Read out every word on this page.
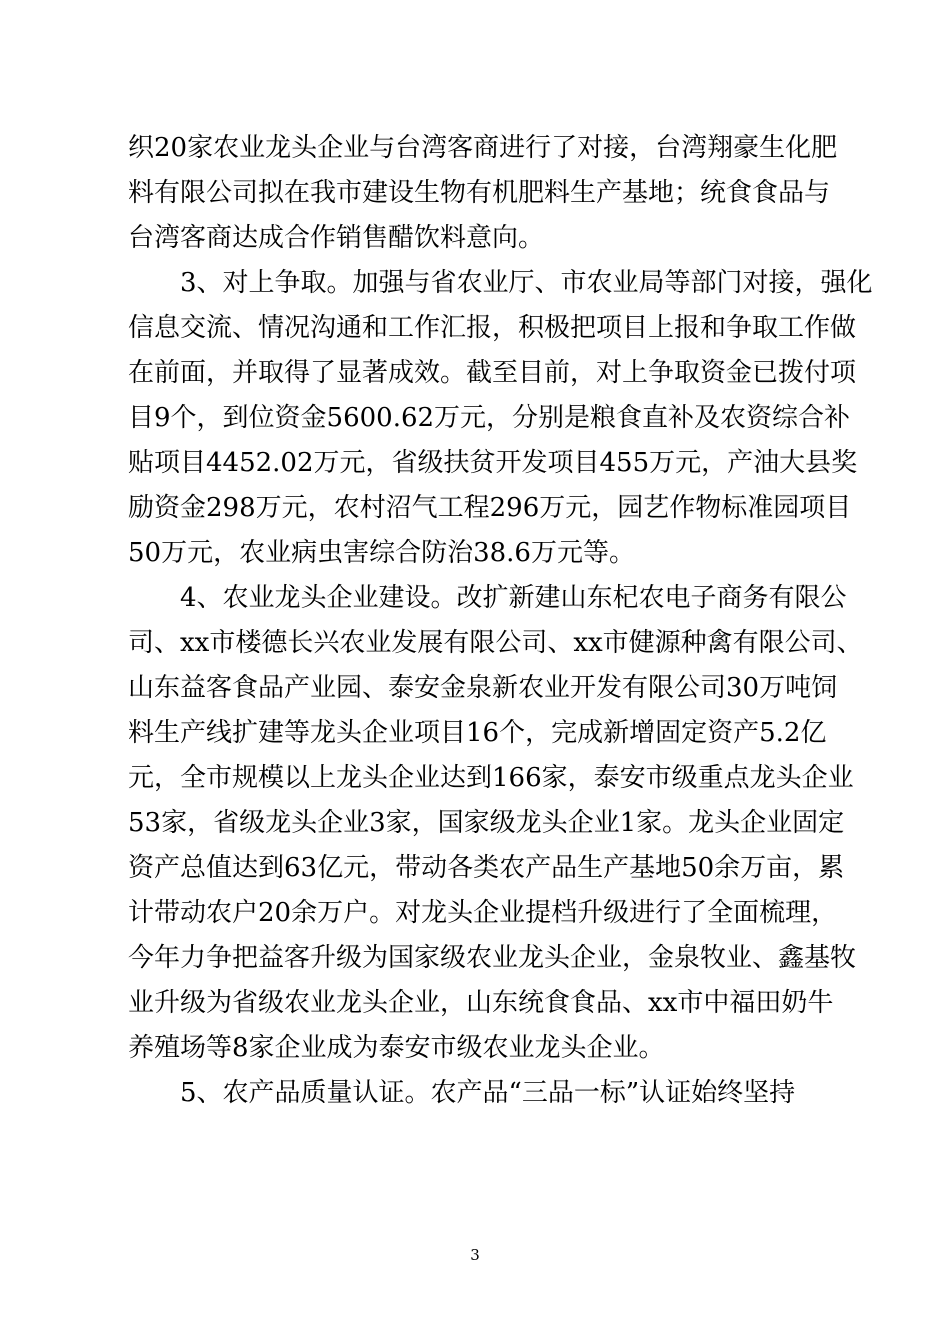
织20家农业龙头企业与台湾客商进行了对接，台湾翔豪生化肥
料有限公司拟在我市建设生物有机肥料生产基地；统食食品与
台湾客商达成合作销售醋饮料意向。
3、对上争取。加强与省农业厅、市农业局等部门对接，强化
信息交流、情况沟通和工作汇报，积极把项目上报和争取工作做
在前面，并取得了显著成效。截至目前，对上争取资金已拨付项
目9个，到位资金5600.62万元，分别是粮食直补及农资综合补
贴项目4452.02万元，省级扶贫开发项目455万元，产油大县奖
励资金298万元，农村沼气工程296万元，园艺作物标准园项目
50万元，农业病虫害综合防治38.6万元等。
4、农业龙头企业建设。改扩新建山东杞农电子商务有限公
司、xx市楼德长兴农业发展有限公司、xx市健源种禽有限公司、
山东益客食品产业园、泰安金泉新农业开发有限公司30万吨饲
料生产线扩建等龙头企业项目16个，完成新增固定资产5.2亿
元，全市规模以上龙头企业达到166家，泰安市级重点龙头企业
53家，省级龙头企业3家，国家级龙头企业1家。龙头企业固定
资产总值达到63亿元，带动各类农产品生产基地50余万亩，累
计带动农户20余万户。对龙头企业提档升级进行了全面梳理，
今年力争把益客升级为国家级农业龙头企业，金泉牧业、鑫基牧
业升级为省级农业龙头企业，山东统食食品、xx市中福田奶牛
养殖场等8家企业成为泰安市级农业龙头企业。
5、农产品质量认证。农产品“三品一标”认证始终坚持
3
